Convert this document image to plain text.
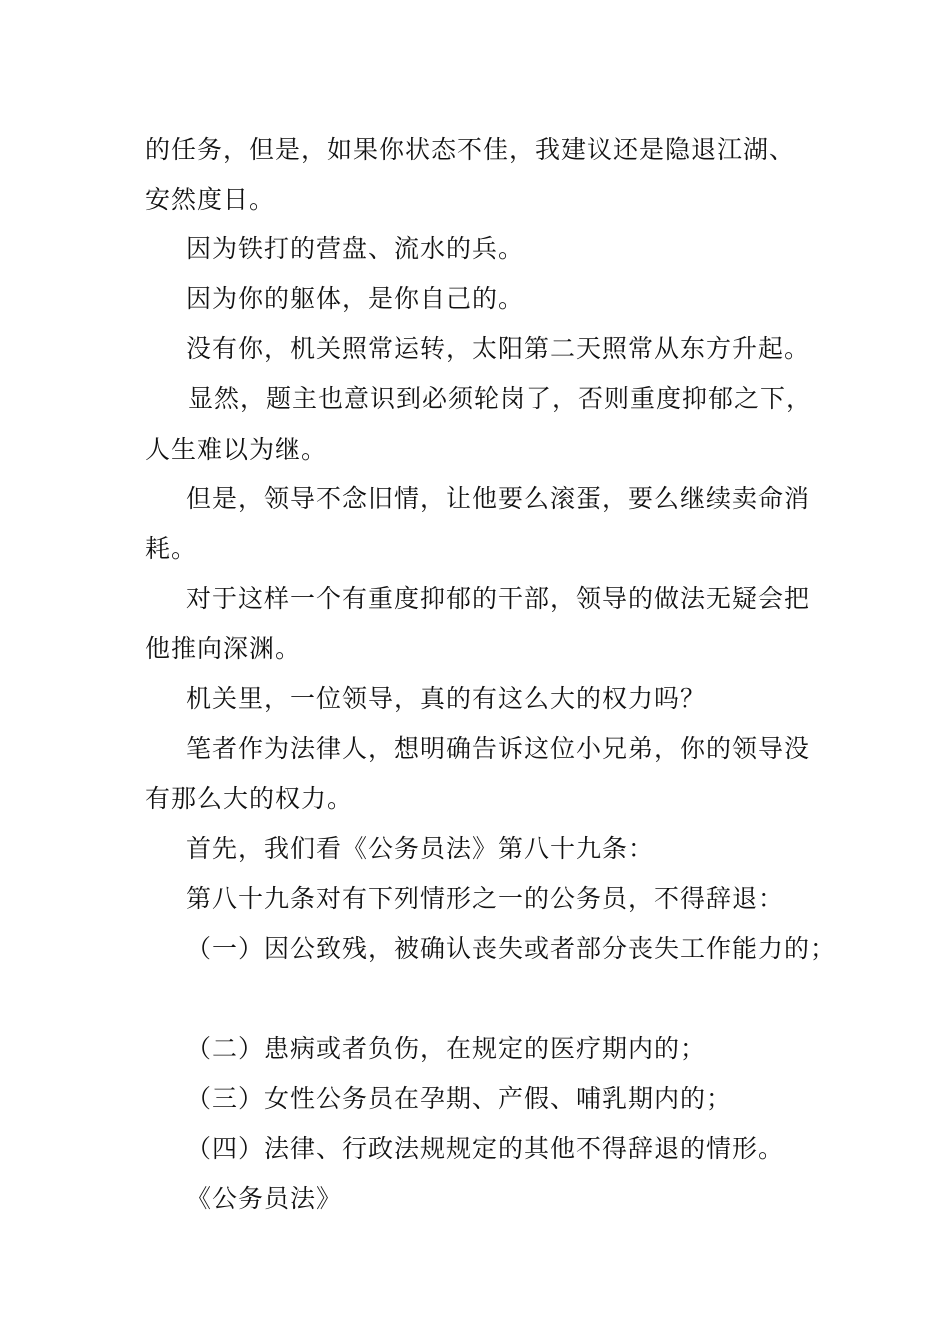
的任务，但是，如果你状态不佳，我建议还是隐退江湖、

安然度日。

因为铁打的营盘、流水的兵。

因为你的躯体，是你自己的。

没有你，机关照常运转，太阳第二天照常从东方升起。

显然，题主也意识到必须轮岗了，否则重度抑郁之下，

人生难以为继。

但是，领导不念旧情，让他要么滚蛋，要么继续卖命消

耗。

对于这样一个有重度抑郁的干部，领导的做法无疑会把

他推向深渊。

机关里，一位领导，真的有这么大的权力吗？

笔者作为法律人，想明确告诉这位小兄弟，你的领导没

有那么大的权力。

首先，我们看《公务员法》第八十九条：

第八十九条对有下列情形之一的公务员，不得辞退：

（一）因公致残，被确认丧失或者部分丧失工作能力的；

（二）患病或者负伤，在规定的医疗期内的；

（三）女性公务员在孕期、产假、哺乳期内的；

（四）法律、行政法规规定的其他不得辞退的情形。

《公务员法》
